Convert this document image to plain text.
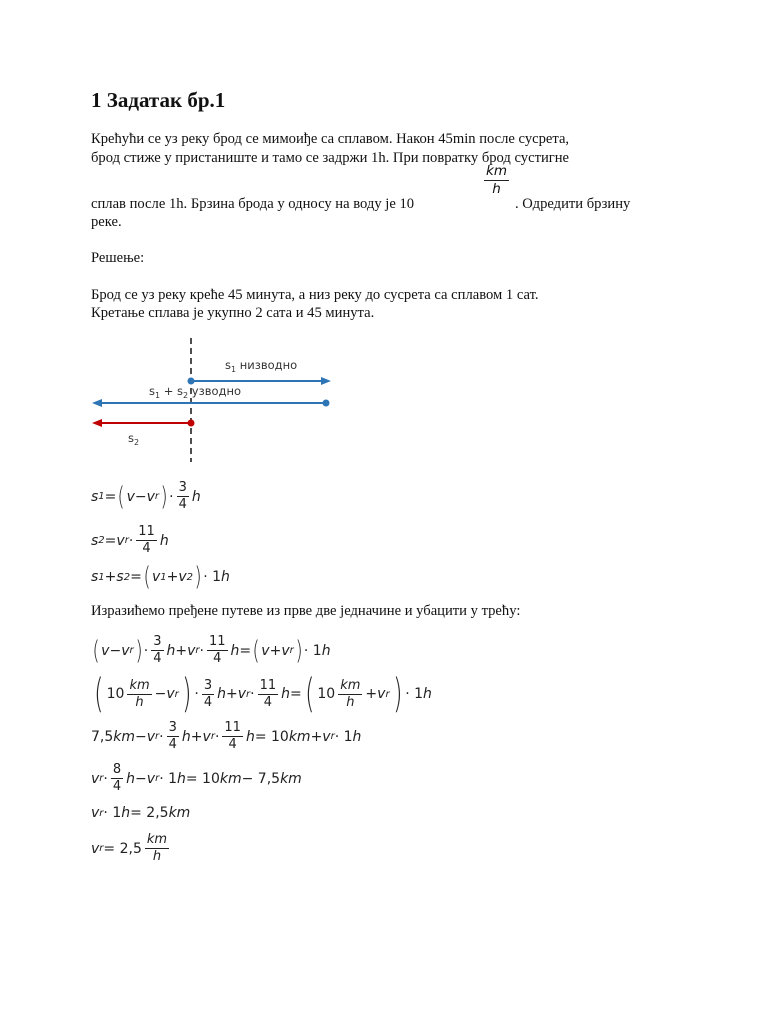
1 Задатак бр.1

Крећући се уз реку брод се мимоиђе са сплавом. Након 45min после сусрета,

брод стиже у пристаниште и тамо се задржи 1h. При повратку брод сустигне

сплав после 1h. Брзина брода у односу на воду је 10

$\frac{km}{h}$

. Одредити брзину

реке.

Решење:

Брод се уз реку креће 45 минута, а низ реку до сусрета са сплавом 1 сат.

Кретање сплава је укупно 2 сата и 45 минута.

$s_1$ низводно
$s_1 + s_2$ узводно
$s_2$
s 1 = ( v − v r ) · $\frac{3}{4}$ h
s 2 = v $r \cdot \frac{11}{4}$ h
s 1 + s 2 = ( v 1 + v 2 ) · 1 h

Изразићемо пређене путеве из прве две једначине и убацити у трећу:

( v − v r ) · $\frac{3}{4}$ h + v $r \cdot \frac{11}{4}$ h = ( v + v r ) · 1 h
( $10 \frac{km}{h} - v$ r ) · $\frac{3}{4}$ h + v $r \cdot \frac{11}{4}$ h = ( $10 \frac{km}{h} + v$ r ) · 1 h
7,5 km − v $r \cdot \frac{3}{4}$ h + v $r \cdot \frac{11}{4}$ h = 10 km + v r · 1 h
v $r \cdot \frac{8}{4}$ h − v r · 1 h = 10 km − 7,5 km
v r · 1 h = 2,5 km
v $r = 2,5 \frac{km}{h}$
